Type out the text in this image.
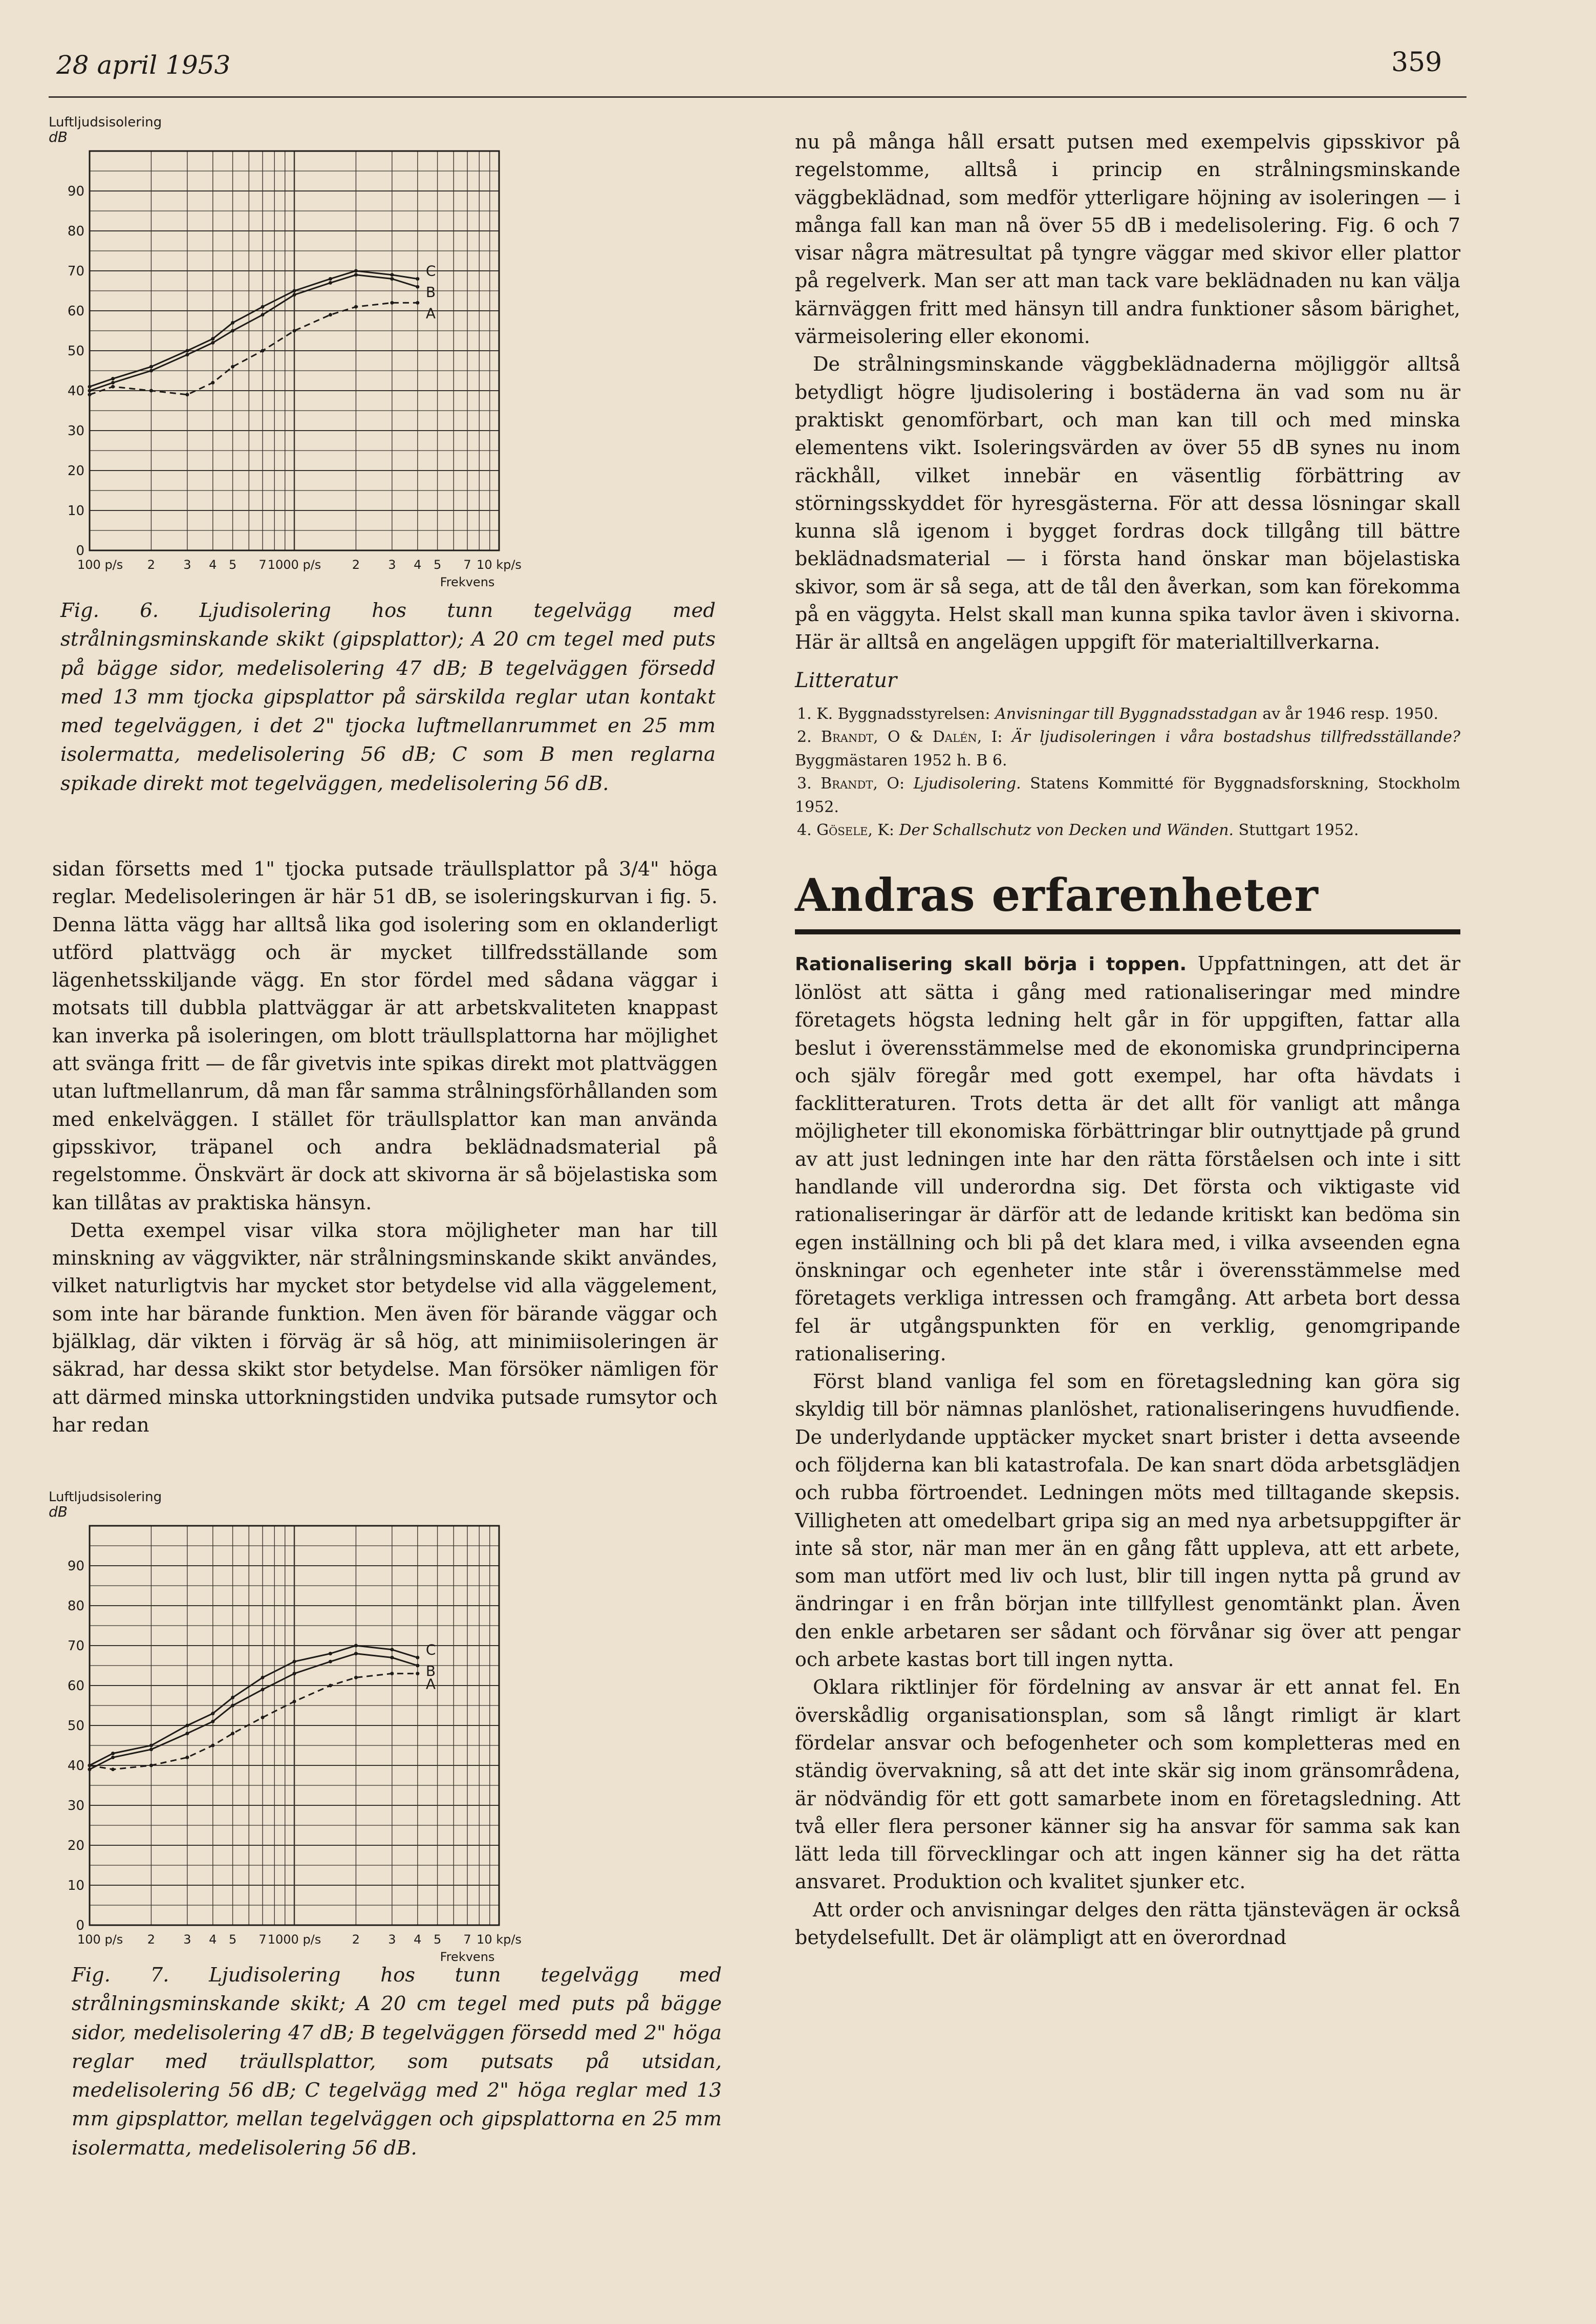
28 april 1953	359
Luftljudsisolering
dB
0
10
20
30
40
50
60
70
80
90
100 p/s 2 3 4 5 7 1000 p/s	2 3 4 5 7 10 kp/s
Frekvens
A
B
C

Fig. 6. Ljudisolering hos tunn tegelvägg med strålningsminskande skikt (gipsplattor); A 20 cm tegel med puts på bägge sidor, medelisolering 47 dB; B tegelväggen försedd med 13 mm tjocka gipsplattor på särskilda reglar utan kontakt med tegelväggen, i det 2" tjocka luftmellanrummet en 25 mm isolermatta, medelisolering 56 dB; C som B men reglarna spikade direkt mot tegelväggen, medelisolering 56 dB.

sidan försetts med 1" tjocka putsade träullsplattor på 3/4" höga reglar. Medelisoleringen är här 51 dB, se isoleringskurvan i fig. 5. Denna lätta vägg har alltså lika god isolering som en oklanderligt utförd plattvägg och är mycket tillfredsställande som lägenhetsskiljande vägg. En stor fördel med sådana väggar i motsats till dubbla plattväggar är att arbetskvaliteten knappast kan inverka på isoleringen, om blott träullsplattorna har möjlighet att svänga fritt — de får givetvis inte spikas direkt mot plattväggen utan luftmellanrum, då man får samma strålningsförhållanden som med enkelväggen. I stället för träullsplattor kan man använda gipsskivor, träpanel och andra beklädnadsmaterial på regelstomme. Önskvärt är dock att skivorna är så böjelastiska som kan tillåtas av praktiska hänsyn.

Detta exempel visar vilka stora möjligheter man har till minskning av väggvikter, när strålningsminskande skikt användes, vilket naturligtvis har mycket stor betydelse vid alla väggelement, som inte har bärande funktion. Men även för bärande väggar och bjälklag, där vikten i förväg är så hög, att minimiisoleringen är säkrad, har dessa skikt stor betydelse. Man försöker nämligen för att därmed minska uttorkningstiden undvika putsade rumsytor och har redan

Luftljudsisolering
dB
0
10
20
30
40
50
60
70
80
90
100 p/s 2 3 4 5 7 1000 p/s	2 3 4 5 7 10 kp/s
Frekvens
A
B
C

Fig. 7. Ljudisolering hos tunn tegelvägg med strålningsminskande skikt; A 20 cm tegel med puts på bägge sidor, medelisolering 47 dB; B tegelväggen försedd med 2" höga reglar med träullsplattor, som putsats på utsidan, medelisolering 56 dB; C tegelvägg med 2" höga reglar med 13 mm gipsplattor, mellan tegelväggen och gipsplattorna en 25 mm isolermatta, medelisolering 56 dB.

nu på många håll ersatt putsen med exempelvis gipsskivor på regelstomme, alltså i princip en strålningsminskande väggbeklädnad, som medför ytterligare höjning av isoleringen — i många fall kan man nå över 55 dB i medelisolering. Fig. 6 och 7 visar några mätresultat på tyngre väggar med skivor eller plattor på regelverk. Man ser att man tack vare beklädnaden nu kan välja kärnväggen fritt med hänsyn till andra funktioner såsom bärighet, värmeisolering eller ekonomi.

De strålningsminskande väggbeklädnaderna möjliggör alltså betydligt högre ljudisolering i bostäderna än vad som nu är praktiskt genomförbart, och man kan till och med minska elementens vikt. Isoleringsvärden av över 55 dB synes nu inom räckhåll, vilket innebär en väsentlig förbättring av störningsskyddet för hyresgästerna. För att dessa lösningar skall kunna slå igenom i bygget fordras dock tillgång till bättre beklädnadsmaterial — i första hand önskar man böjelastiska skivor, som är så sega, att de tål den åverkan, som kan förekomma på en väggyta. Helst skall man kunna spika tavlor även i skivorna. Här är alltså en angelägen uppgift för materialtillverkarna.

Litteratur
1. K. Byggnadsstyrelsen: Anvisningar till Byggnadsstadgan av år 1946 resp. 1950.
2. Brandt, O & Dalén, I: Är ljudisoleringen i våra bostadshus tillfredsställande? Byggmästaren 1952 h. B 6.
3. Brandt, O: Ljudisolering. Statens Kommitté för Byggnadsforskning, Stockholm 1952.
4. Gösele, K: Der Schallschutz von Decken und Wänden. Stuttgart 1952.
Andras erfarenheter

Rationalisering skall börja i toppen. Uppfattningen, att det är lönlöst att sätta i gång med rationaliseringar med mindre företagets högsta ledning helt går in för uppgiften, fattar alla beslut i överensstämmelse med de ekonomiska grundprinciperna och själv föregår med gott exempel, har ofta hävdats i facklitteraturen. Trots detta är det allt för vanligt att många möjligheter till ekonomiska förbättringar blir outnyttjade på grund av att just ledningen inte har den rätta förståelsen och inte i sitt handlande vill underordna sig. Det första och viktigaste vid rationaliseringar är därför att de ledande kritiskt kan bedöma sin egen inställning och bli på det klara med, i vilka avseenden egna önskningar och egenheter inte står i överensstämmelse med företagets verkliga intressen och framgång. Att arbeta bort dessa fel är utgångspunkten för en verklig, genomgripande rationalisering.

Först bland vanliga fel som en företagsledning kan göra sig skyldig till bör nämnas planlöshet, rationaliseringens huvudfiende. De underlydande upptäcker mycket snart brister i detta avseende och följderna kan bli katastrofala. De kan snart döda arbetsglädjen och rubba förtroendet. Ledningen möts med tilltagande skepsis. Villigheten att omedelbart gripa sig an med nya arbetsuppgifter är inte så stor, när man mer än en gång fått uppleva, att ett arbete, som man utfört med liv och lust, blir till ingen nytta på grund av ändringar i en från början inte tillfyllest genomtänkt plan. Även den enkle arbetaren ser sådant och förvånar sig över att pengar och arbete kastas bort till ingen nytta.

Oklara riktlinjer för fördelning av ansvar är ett annat fel. En överskådlig organisationsplan, som så långt rimligt är klart fördelar ansvar och befogenheter och som kompletteras med en ständig övervakning, så att det inte skär sig inom gränsområdena, är nödvändig för ett gott samarbete inom en företagsledning. Att två eller flera personer känner sig ha ansvar för samma sak kan lätt leda till förvecklingar och att ingen känner sig ha det rätta ansvaret. Produktion och kvalitet sjunker etc.

Att order och anvisningar delges den rätta tjänstevägen är också betydelsefullt. Det är olämpligt att en överordnad
